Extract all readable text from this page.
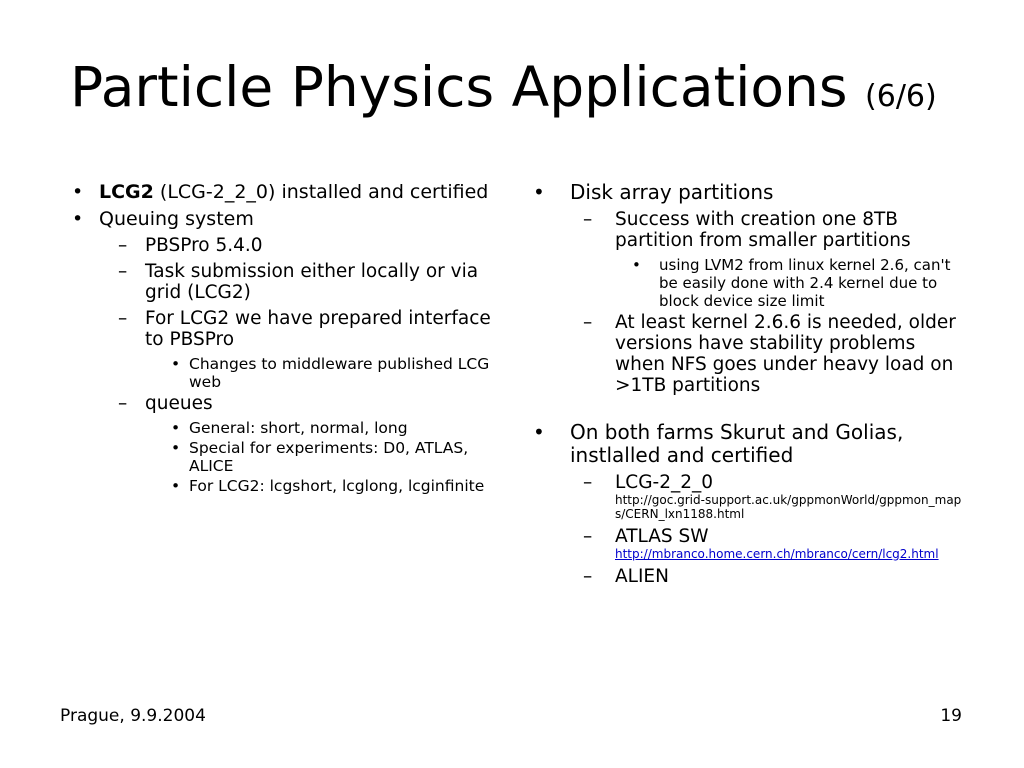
Particle Physics Applications (6/6)
• LCG2 (LCG-2_2_0) installed and certified
• Queuing system
– PBSPro 5.4.0
– Task submission either locally or via grid (LCG2)
– For LCG2 we have prepared interface to PBSPro
• Changes to middleware published LCG web
– queues
• General: short, normal, long
• Special for experiments: D0, ATLAS, ALICE
• For LCG2: lcgshort, lcglong, lcginfinite
• Disk array partitions
– Success with creation one 8TB partition from smaller partitions
• using LVM2 from linux kernel 2.6, can't be easily done with 2.4 kernel due to block device size limit
– At least kernel 2.6.6 is needed, older versions have stability problems when NFS goes under heavy load on >1TB partitions
• On both farms Skurut and Golias, instlalled and certified
– LCG-2_2_0
http://goc.grid-support.ac.uk/gppmonWorld/gppmon_maps/CERN_lxn1188.html
– ATLAS SW
http://mbranco.home.cern.ch/mbranco/cern/lcg2.html
– ALIEN
Prague, 9.9.2004	19
